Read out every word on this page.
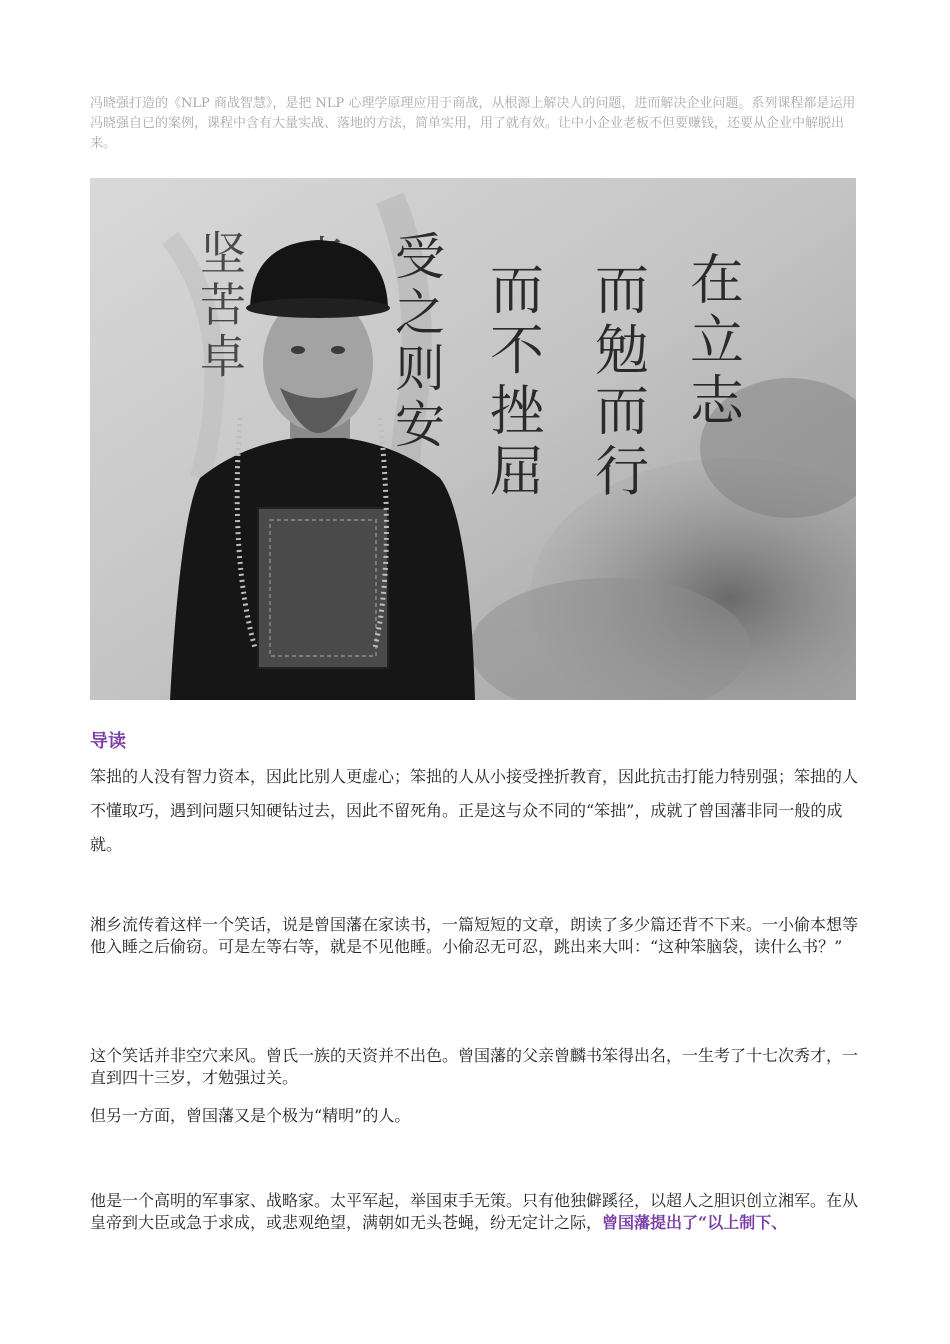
冯晓强打造的《NLP 商战智慧》，是把 NLP 心理学原理应用于商战，从根源上解决人的问题，进而解决企业问题。系列课程都是运用冯晓强自已的案例，课程中含有大量实战、落地的方法，简单实用，用了就有效。让中小企业老板不但要赚钱，还要从企业中解脱出来。

在
立
志
而
勉
而
行
而
不
挫
屈
受
之
则
安
坚
苦
卓
导读

笨拙的人没有智力资本，因此比别人更虚心；笨拙的人从小接受挫折教育，因此抗击打能力特别强；笨拙的人不懂取巧，遇到问题只知硬钻过去，因此不留死角。正是这与众不同的“笨拙”，成就了曾国藩非同一般的成就。

湘乡流传着这样一个笑话，说是曾国藩在家读书，一篇短短的文章，朗读了多少篇还背不下来。一小偷本想等他入睡之后偷窃。可是左等右等，就是不见他睡。小偷忍无可忍，跳出来大叫：“这种笨脑袋，读什么书？”

这个笑话并非空穴来风。曾氏一族的天资并不出色。曾国藩的父亲曾麟书笨得出名，一生考了十七次秀才，一直到四十三岁，才勉强过关。

但另一方面，曾国藩又是个极为“精明”的人。

他是一个高明的军事家、战略家。太平军起，举国束手无策。只有他独僻蹊径，以超人之胆识创立湘军。在从皇帝到大臣或急于求成，或悲观绝望，满朝如无头苍蝇，纷无定计之际，曾国藩提出了“以上制下、
